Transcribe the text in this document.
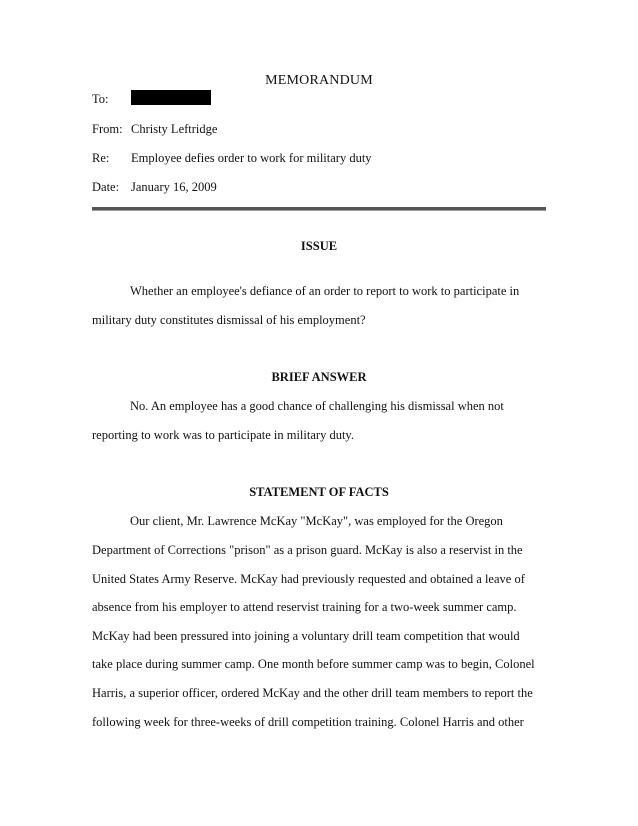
MEMORANDUM
To:
From: Christy Leftridge
Re: Employee defies order to work for military duty
Date: January 16, 2009
ISSUE
Whether an employee's defiance of an order to report to work to participate in
military duty constitutes dismissal of his employment?
BRIEF ANSWER
No. An employee has a good chance of challenging his dismissal when not
reporting to work was to participate in military duty.
STATEMENT OF FACTS
Our client, Mr. Lawrence McKay "McKay", was employed for the Oregon
Department of Corrections "prison" as a prison guard. McKay is also a reservist in the
United States Army Reserve. McKay had previously requested and obtained a leave of
absence from his employer to attend reservist training for a two-week summer camp.
McKay had been pressured into joining a voluntary drill team competition that would
take place during summer camp. One month before summer camp was to begin, Colonel
Harris, a superior officer, ordered McKay and the other drill team members to report the
following week for three-weeks of drill competition training. Colonel Harris and other
